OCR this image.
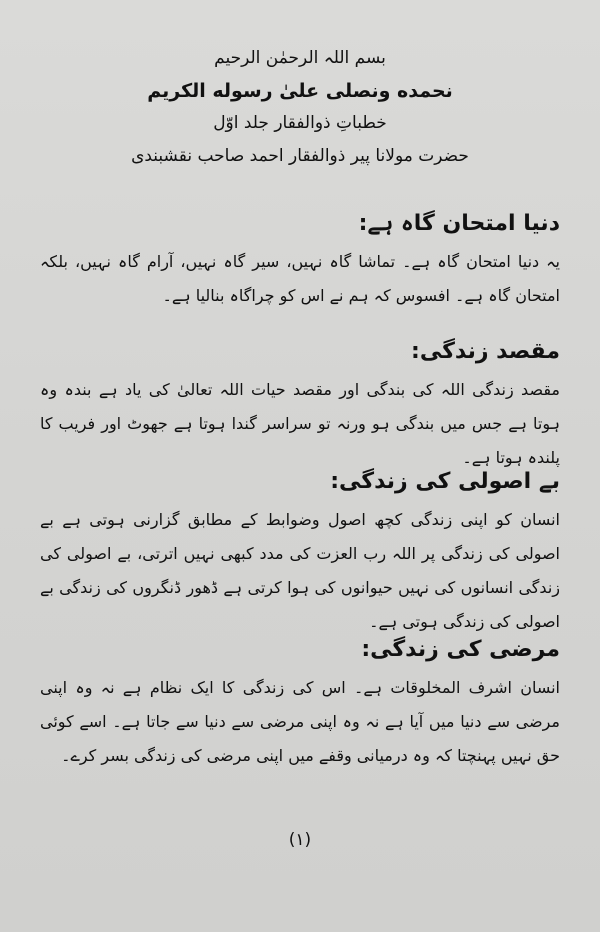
بسم اللہ الرحمٰن الرحیم
نحمده ونصلی علیٰ رسوله الکریم
خطباتِ ذوالفقار جلد اوّل
حضرت مولانا پیر ذوالفقار احمد صاحب نقشبندی
دنیا امتحان گاہ ہے:

یہ دنیا امتحان گاہ ہے۔ تماشا گاہ نہیں، سیر گاہ نہیں، آرام گاہ نہیں، بلکہ امتحان گاہ ہے۔ افسوس کہ ہم نے اس کو چراگاہ بنالیا ہے۔

مقصد زندگی:

مقصد زندگی اللہ کی بندگی اور مقصد حیات اللہ تعالیٰ کی یاد ہے بندہ وہ ہوتا ہے جس میں بندگی ہو ورنہ تو سراسر گندا ہوتا ہے جھوٹ اور فریب کا پلندہ ہوتا ہے۔

بے اصولی کی زندگی:

انسان کو اپنی زندگی کچھ اصول وضوابط کے مطابق گزارنی ہوتی ہے بے اصولی کی زندگی پر اللہ رب العزت کی مدد کبھی نہیں اترتی، بے اصولی کی زندگی انسانوں کی نہیں حیوانوں کی ہوا کرتی ہے ڈھور ڈنگروں کی زندگی بے اصولی کی زندگی ہوتی ہے۔

مرضی کی زندگی:

انسان اشرف المخلوقات ہے۔ اس کی زندگی کا ایک نظام ہے نہ وہ اپنی مرضی سے دنیا میں آیا ہے نہ وہ اپنی مرضی سے دنیا سے جاتا ہے۔ اسے کوئی حق نہیں پہنچتا کہ وہ درمیانی وقفے میں اپنی مرضی کی زندگی بسر کرے۔

(۱)
